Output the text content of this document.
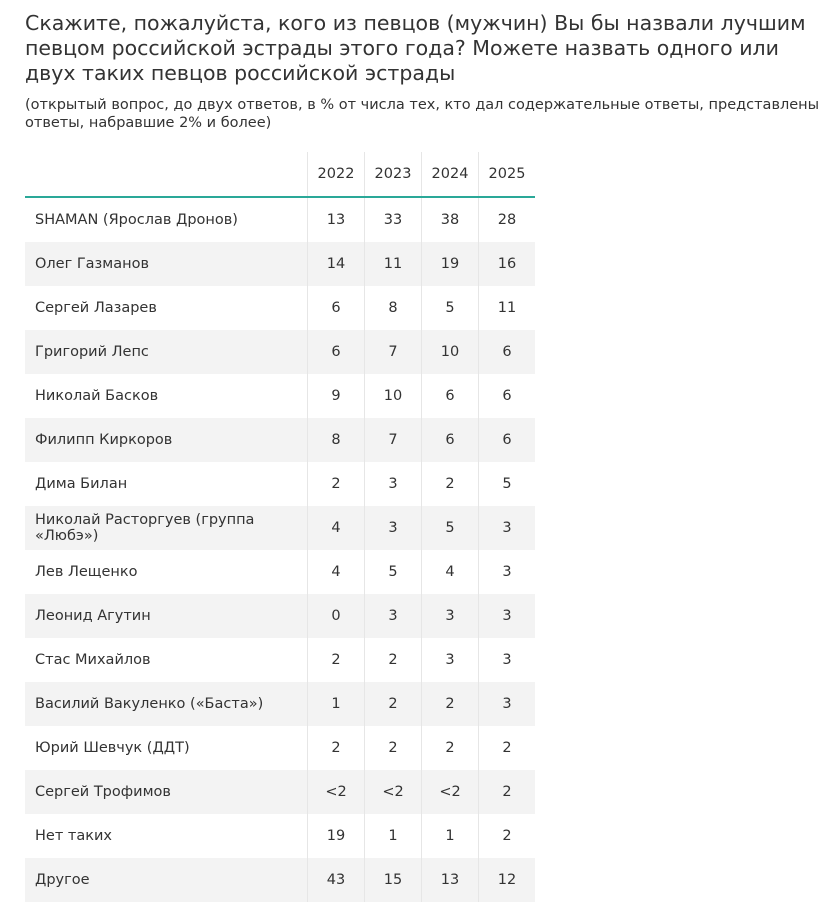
Скажите, пожалуйста, кого из певцов (мужчин) Вы бы назвали лучшим певцом российской эстрады этого года? Можете назвать одного или двух таких певцов российской эстрады

(открытый вопрос, до двух ответов, в % от числа тех, кто дал содержательные ответы, представлены ответы, набравшие 2% и более)

	2022	2023	2024	2025
SHAMAN (Ярослав Дронов)	13	33	38	28
Олег Газманов	14	11	19	16
Сергей Лазарев	6	8	5	11
Григорий Лепс	6	7	10	6
Николай Басков	9	10	6	6
Филипп Киркоров	8	7	6	6
Дима Билан	2	3	2	5
Николай Расторгуев (группа «Любэ»)	4	3	5	3
Лев Лещенко	4	5	4	3
Леонид Агутин	0	3	3	3
Стас Михайлов	2	2	3	3
Василий Вакуленко («Баста»)	1	2	2	3
Юрий Шевчук (ДДТ)	2	2	2	2
Сергей Трофимов	<2	<2	<2	2
Нет таких	19	1	1	2
Другое	43	15	13	12
